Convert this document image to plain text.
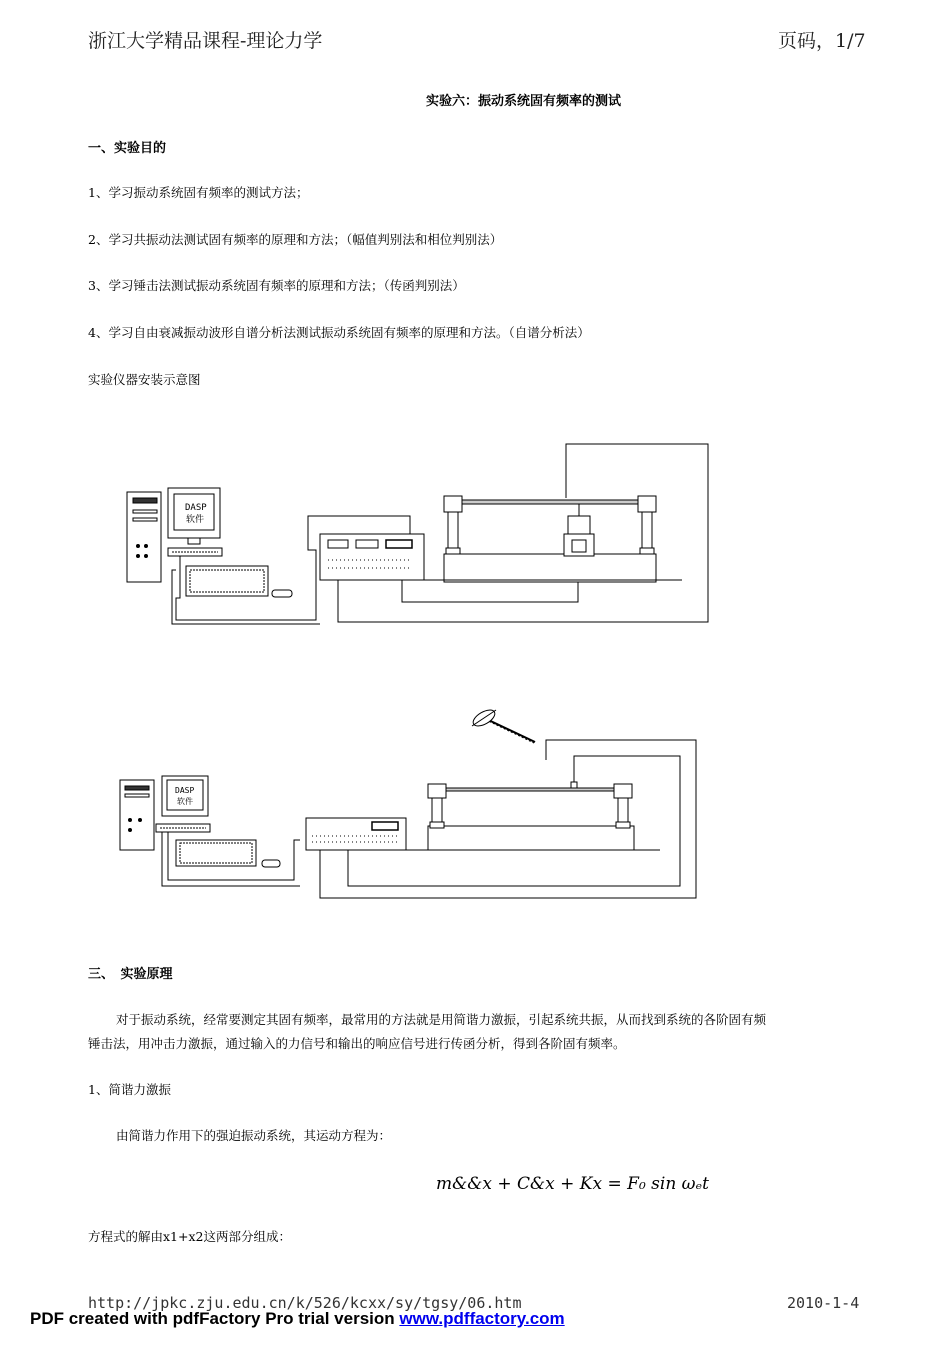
浙江大学精品课程-理论力学	页码，1/7
实验六：振动系统固有频率的测试
一、实验目的
1、学习振动系统固有频率的测试方法；
2、学习共振动法测试固有频率的原理和方法；（幅值判别法和相位判别法）
3、学习锤击法测试振动系统固有频率的原理和方法；（传函判别法）
4、学习自由衰减振动波形自谱分析法测试振动系统固有频率的原理和方法。（自谱分析法）
实验仪器安装示意图
DASP
软件
DASP
软件
三、　实验原理
对于振动系统，经常要测定其固有频率，最常用的方法就是用简谐力激振，引起系统共振，从而找到系统的各阶固有频
锤击法，用冲击力激振，通过输入的力信号和输出的响应信号进行传函分析，得到各阶固有频率。
1、简谐力激振
由简谐力作用下的强迫振动系统，其运动方程为：
m&&x + C&x + Kx = F₀ sin ωₑt
方程式的解由x1+x2这两部分组成：
http://jpkc.zju.edu.cn/k/526/kcxx/sy/tgsy/06.htm	2010-1-4
PDF created with pdfFactory Pro trial version www.pdffactory.com
